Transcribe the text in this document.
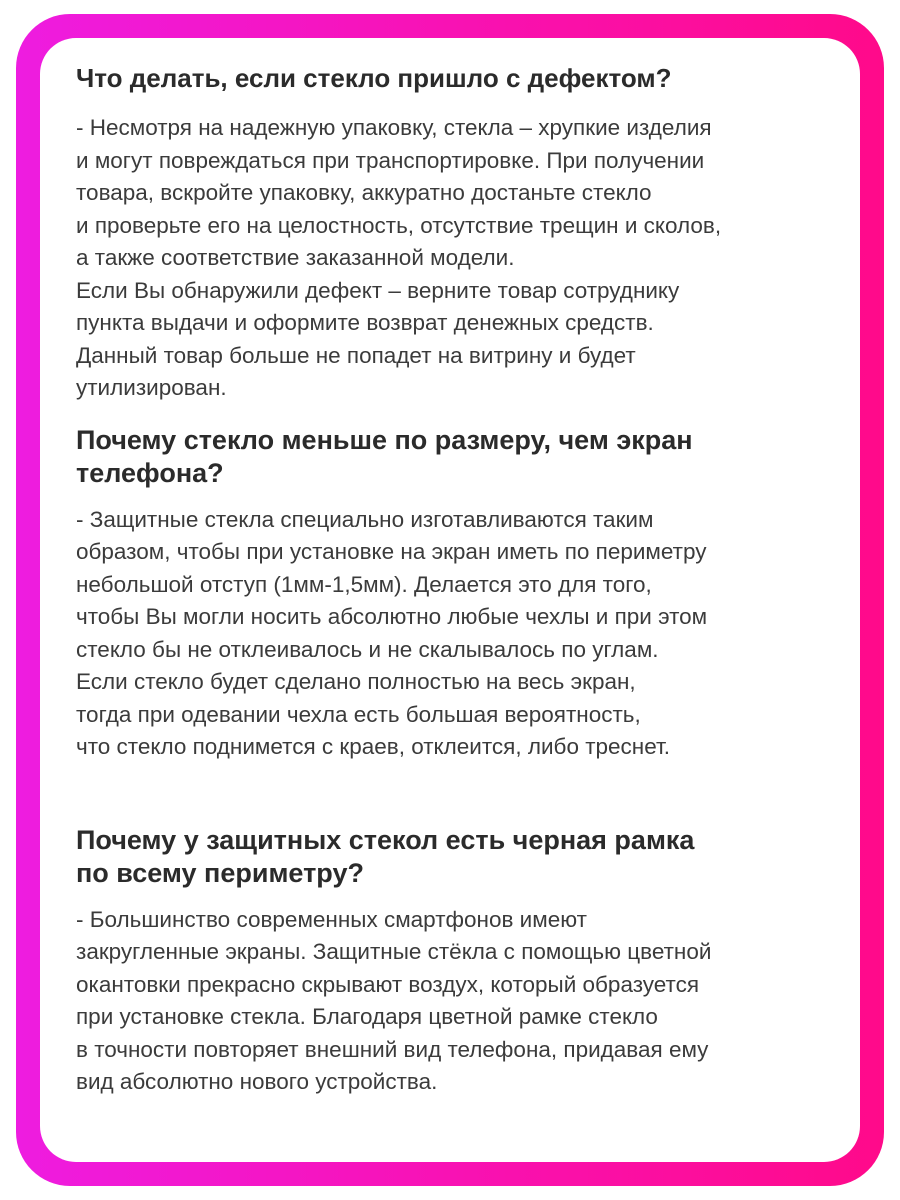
Что делать, если стекло пришло с дефектом?

- Несмотря на надежную упаковку, стекла – хрупкие изделия
и могут повреждаться при транспортировке. При получении
товара, вскройте упаковку, аккуратно достаньте стекло
и проверьте его на целостность, отсутствие трещин и сколов,
а также соответствие заказанной модели.
Если Вы обнаружили дефект – верните товар сотруднику
пункта выдачи и оформите возврат денежных средств.
Данный товар больше не попадет на витрину и будет
утилизирован.

Почему стекло меньше по размеру, чем экран
телефона?

- Защитные стекла специально изготавливаются таким
образом, чтобы при установке на экран иметь по периметру
небольшой отступ (1мм-1,5мм). Делается это для того,
чтобы Вы могли носить абсолютно любые чехлы и при этом
стекло бы не отклеивалось и не скалывалось по углам.
Если стекло будет сделано полностью на весь экран,
тогда при одевании чехла есть большая вероятность,
что стекло поднимется с краев, отклеится, либо треснет.

Почему у защитных стекол есть черная рамка
по всему периметру?

- Большинство современных смартфонов имеют
закругленные экраны. Защитные стёкла с помощью цветной
окантовки прекрасно скрывают воздух, который образуется
при установке стекла. Благодаря цветной рамке стекло
в точности повторяет внешний вид телефона, придавая ему
вид абсолютно нового устройства.
